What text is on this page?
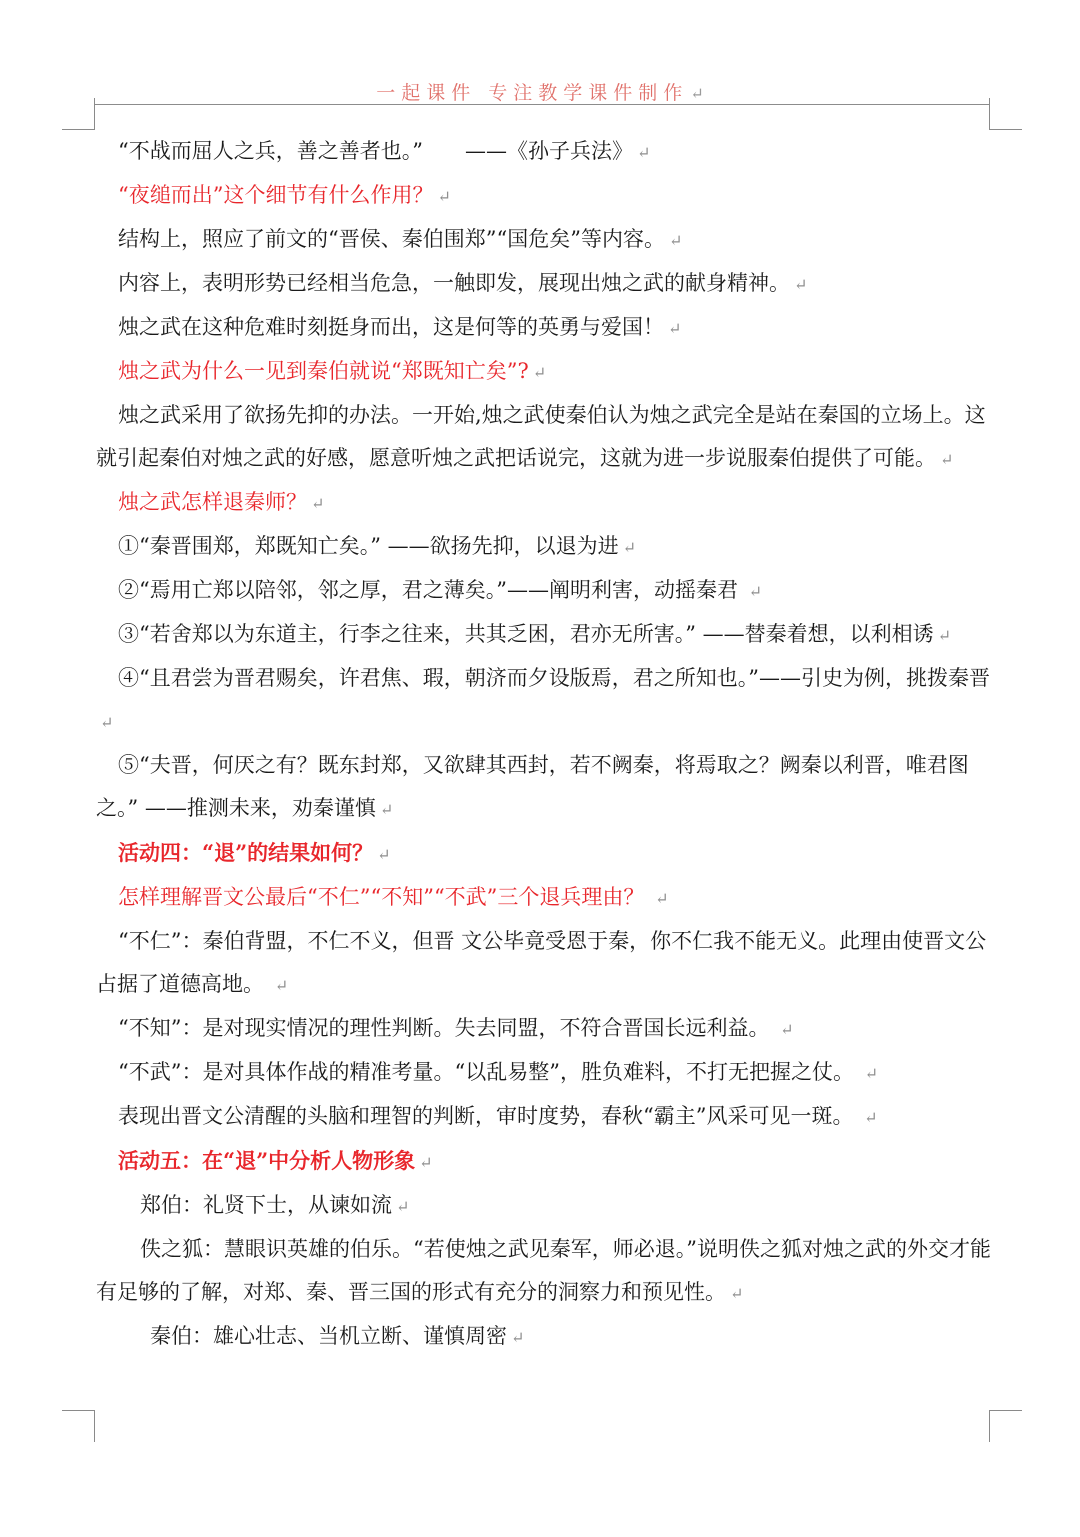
一起课件 专注教学课件制作 ↵

“不战而屈人之兵，善之善者也。”　　——《孙子兵法》 ↵

“夜缒而出”这个细节有什么作用？ ↵

结构上，照应了前文的“晋侯、秦伯围郑”“国危矣”等内容。 ↵

内容上，表明形势已经相当危急，一触即发，展现出烛之武的献身精神。 ↵

烛之武在这种危难时刻挺身而出，这是何等的英勇与爱国！ ↵

烛之武为什么一见到秦伯就说“郑既知亡矣”? ↵

烛之武采用了欲扬先抑的办法。一开始,烛之武使秦伯认为烛之武完全是站在秦国的立场上。这就引起秦伯对烛之武的好感，愿意听烛之武把话说完，这就为进一步说服秦伯提供了可能。 ↵

烛之武怎样退秦师？ ↵

①“秦晋围郑，郑既知亡矣。” ——欲扬先抑，以退为进 ↵

②“焉用亡郑以陪邻，邻之厚，君之薄矣。”——阐明利害，动摇秦君 ↵

③“若舍郑以为东道主，行李之往来，共其乏困，君亦无所害。” ——替秦着想，以利相诱 ↵

④“且君尝为晋君赐矣，许君焦、瑕，朝济而夕设版焉，君之所知也。”——引史为例，挑拨秦晋↵

⑤“夫晋，何厌之有？既东封郑，又欲肆其西封，若不阙秦，将焉取之？阙秦以利晋，唯君图之。” ——推测未来，劝秦谨慎 ↵

活动四：“退”的结果如何？ ↵

怎样理解晋文公最后“不仁”“不知”“不武”三个退兵理由？ ↵

“不仁”：秦伯背盟，不仁不义，但晋 文公毕竟受恩于秦，你不仁我不能无义。此理由使晋文公占据了道德高地。 ↵

“不知”：是对现实情况的理性判断。失去同盟，不符合晋国长远利益。 ↵

“不武”：是对具体作战的精准考量。“以乱易整”，胜负难料，不打无把握之仗。 ↵

表现出晋文公清醒的头脑和理智的判断，审时度势，春秋“霸主”风采可见一斑。 ↵

活动五：在“退”中分析人物形象 ↵

郑伯：礼贤下士，从谏如流 ↵

佚之狐：慧眼识英雄的伯乐。“若使烛之武见秦军，师必退。”说明佚之狐对烛之武的外交才能有足够的了解，对郑、秦、晋三国的形式有充分的洞察力和预见性。 ↵

秦伯：雄心壮志、当机立断、谨慎周密 ↵
